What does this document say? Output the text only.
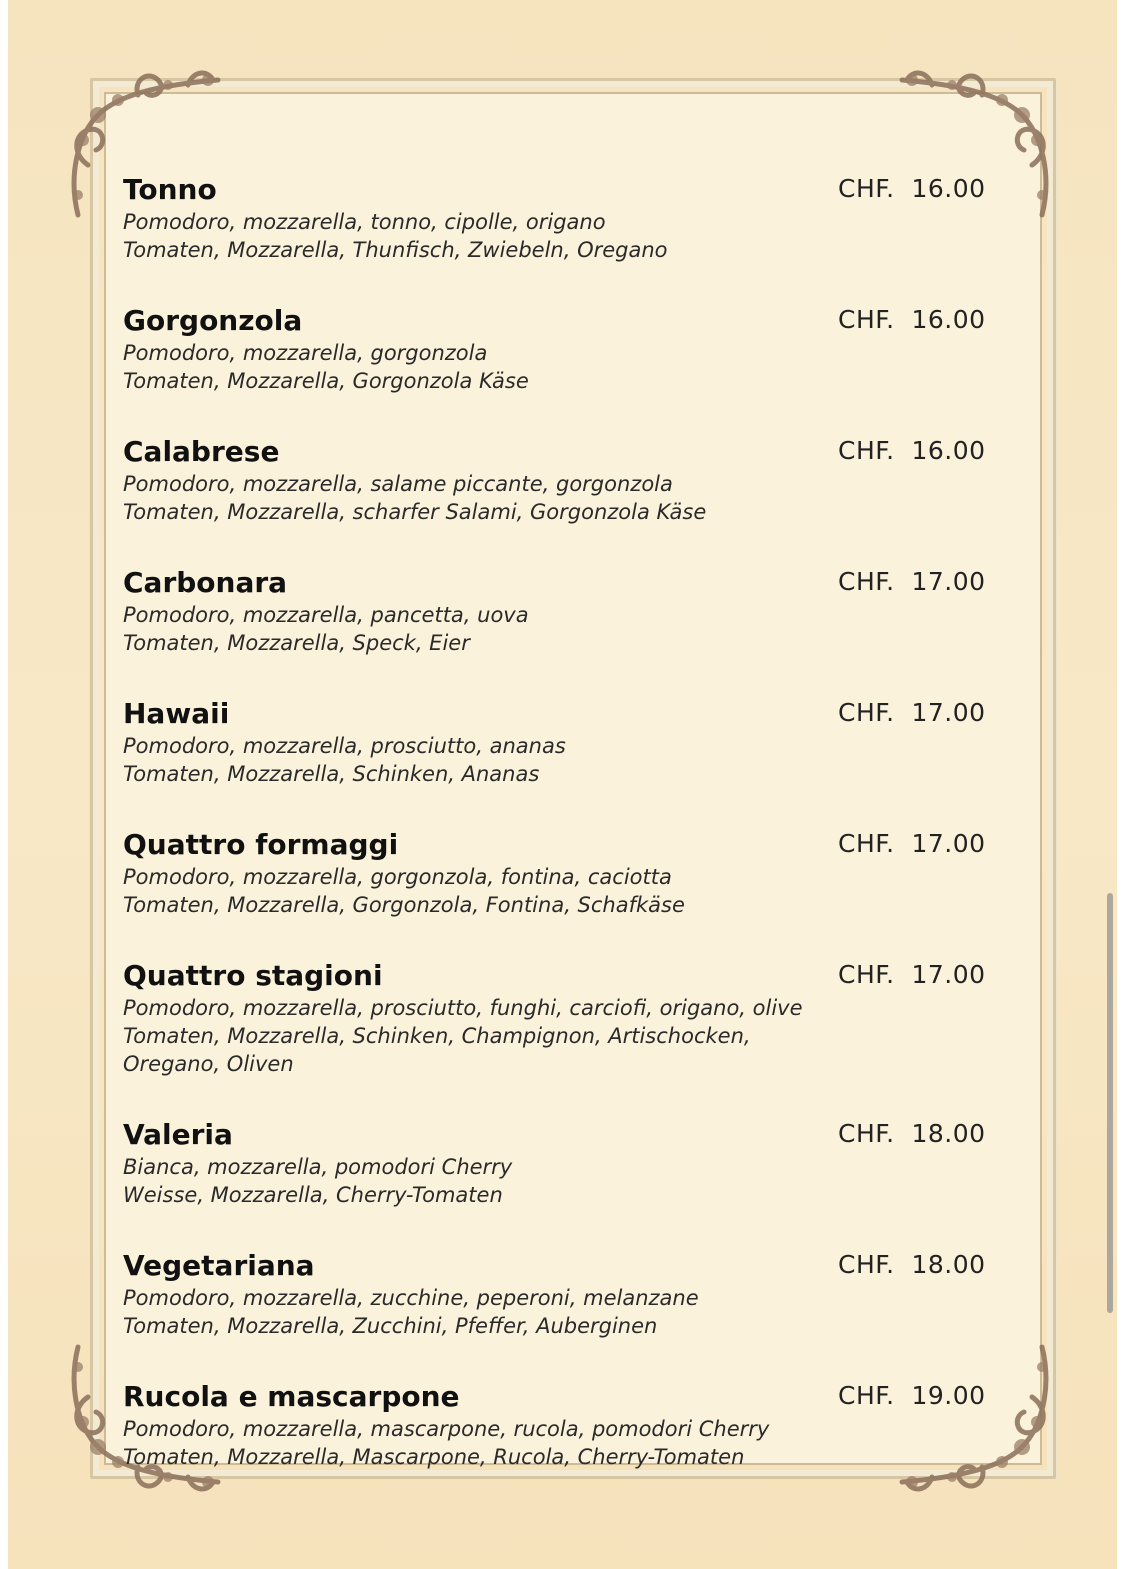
Tonno	CHF. 16.00
Pomodoro, mozzarella, tonno, cipolle, origano
Tomaten, Mozzarella, Thunfisch, Zwiebeln, Oregano
Gorgonzola	CHF. 16.00
Pomodoro, mozzarella, gorgonzola
Tomaten, Mozzarella, Gorgonzola Käse
Calabrese	CHF. 16.00
Pomodoro, mozzarella, salame piccante, gorgonzola
Tomaten, Mozzarella, scharfer Salami, Gorgonzola Käse
Carbonara	CHF. 17.00
Pomodoro, mozzarella, pancetta, uova
Tomaten, Mozzarella, Speck, Eier
Hawaii	CHF. 17.00
Pomodoro, mozzarella, prosciutto, ananas
Tomaten, Mozzarella, Schinken, Ananas
Quattro formaggi	CHF. 17.00
Pomodoro, mozzarella, gorgonzola, fontina, caciotta
Tomaten, Mozzarella, Gorgonzola, Fontina, Schafkäse
Quattro stagioni	CHF. 17.00
Pomodoro, mozzarella, prosciutto, funghi, carciofi, origano, olive
Tomaten, Mozzarella, Schinken, Champignon, Artischocken, Oregano, Oliven
Valeria	CHF. 18.00
Bianca, mozzarella, pomodori Cherry
Weisse, Mozzarella, Cherry-Tomaten
Vegetariana	CHF. 18.00
Pomodoro, mozzarella, zucchine, peperoni, melanzane
Tomaten, Mozzarella, Zucchini, Pfeffer, Auberginen
Rucola e mascarpone	CHF. 19.00
Pomodoro, mozzarella, mascarpone, rucola, pomodori Cherry
Tomaten, Mozzarella, Mascarpone, Rucola, Cherry-Tomaten
